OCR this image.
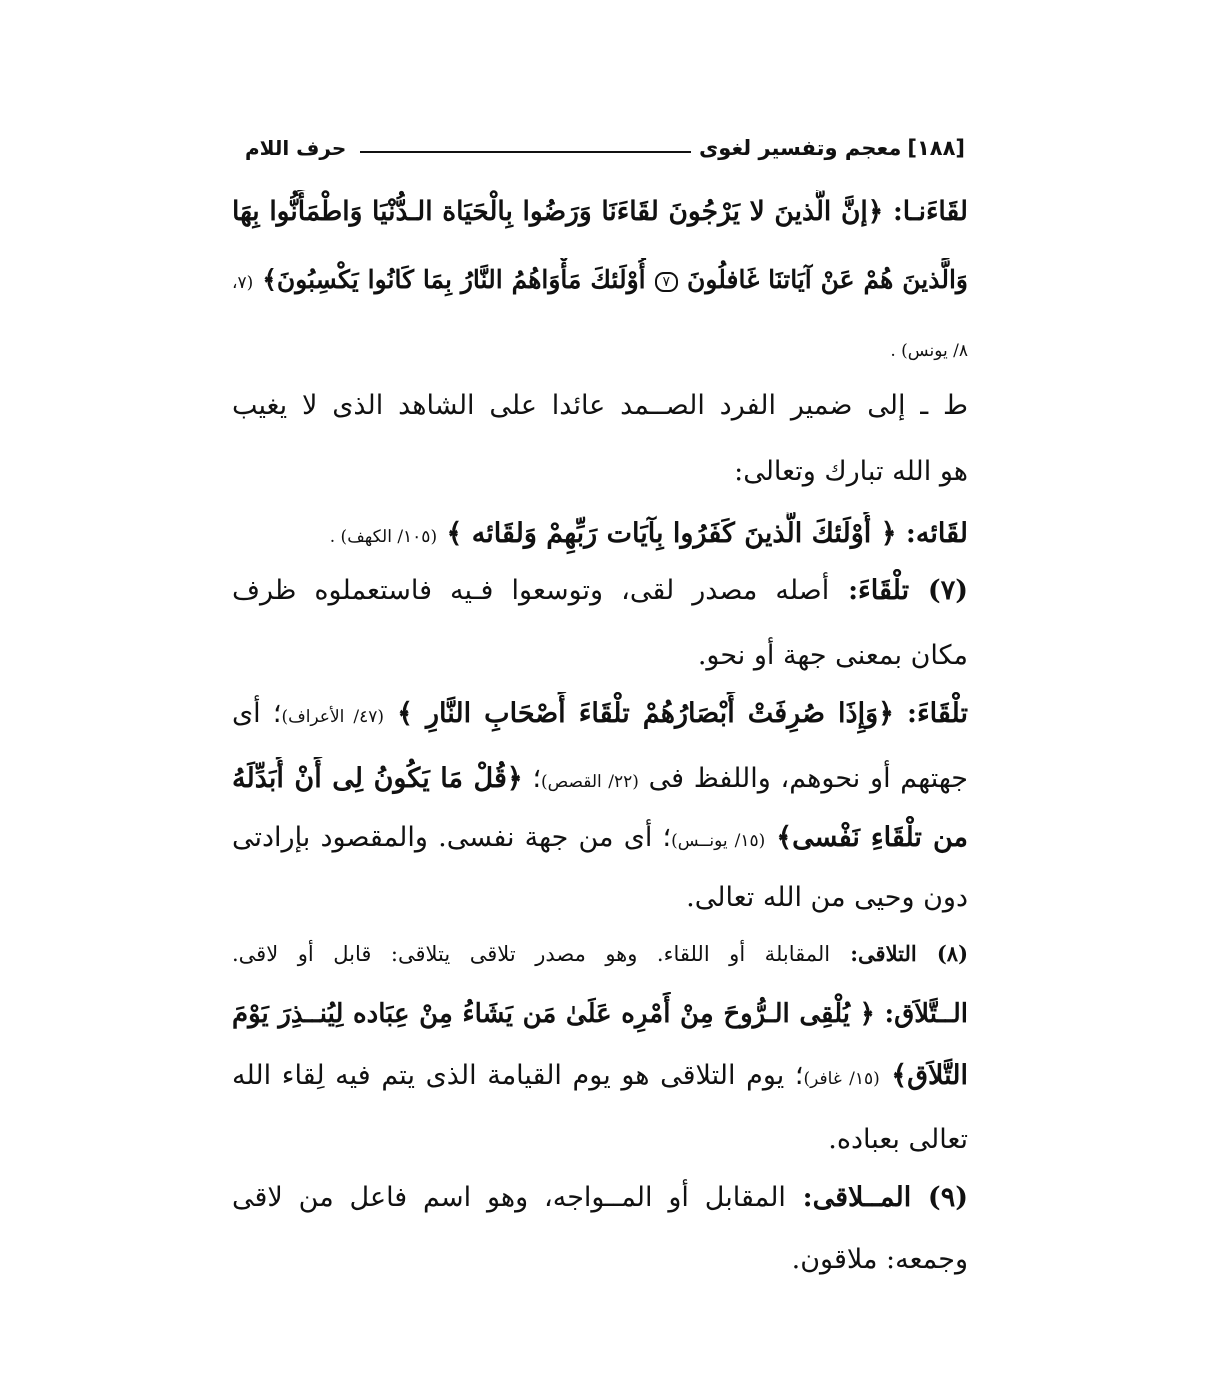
[١٨٨]
معجم وتفسير لغوى
حرف اللام
لقَاءَنـا: ﴿إنَّ الَّذينَ لا يَرْجُونَ لقَاءَنَا وَرَضُوا بِالْحَيَاة الـدُّنْيَا وَاطْمَأَنُّوا بِهَا
وَالَّذينَ هُمْ عَنْ آيَاتنَا غَافلُونَ ٧ أُوْلَئكَ مَأْوَاهُمُ النَّارُ بِمَا كَانُوا يَكْسِبُونَ﴾ (٧،
٨/ يونس) .
ط ـ إلى ضمير الفرد الصــمد عائدا على الشاهد الذى لا يغيب
هو الله تبارك وتعالى:
لقَائه: ﴿ أُوْلَئكَ الَّذينَ كَفَرُوا بِآيَات رَبِّهِمْ وَلقَائه ﴾ (١٠٥/ الكهف) .
(٧) تلْقَاءَ: أصله مصدر لقى، وتوسعوا فـيه فاستعملوه ظرف
مكان بمعنى جهة أو نحو.
تلْقَاءَ: ﴿وَإِذَا صُرِفَتْ أَبْصَارُهُمْ تلْقَاءَ أَصْحَابِ النَّارِ ﴾ (٤٧/ الأعراف)؛ أى
جهتهم أو نحوهم، واللفظ فى (٢٢/ القصص)؛ ﴿قُلْ مَا يَكُونُ لِى أَنْ أُبَدِّلَهُ
من تلْقَاءِ نَفْسى﴾ (١٥/ يونــس)؛ أى من جهة نفسى. والمقصود بإرادتى
دون وحيى من الله تعالى.
(٨) التلاقى: المقابلة أو اللقاء. وهو مصدر تلاقى يتلاقى: قابل أو لاقى.
الــتَّلاَق: ﴿ يُلْقِى الـرُّوحَ مِنْ أَمْرِه عَلَىٰ مَن يَشَاءُ مِنْ عِبَاده لِيُنــذِرَ يَوْمَ
التَّلاَق﴾ (١٥/ غافر)؛ يوم التلاقى هو يوم القيامة الذى يتم فيه لِقاء الله
تعالى بعباده.
(٩) المــلاقى: المقابل أو المــواجه، وهو اسم فاعل من لاقى
وجمعه: ملاقون.
